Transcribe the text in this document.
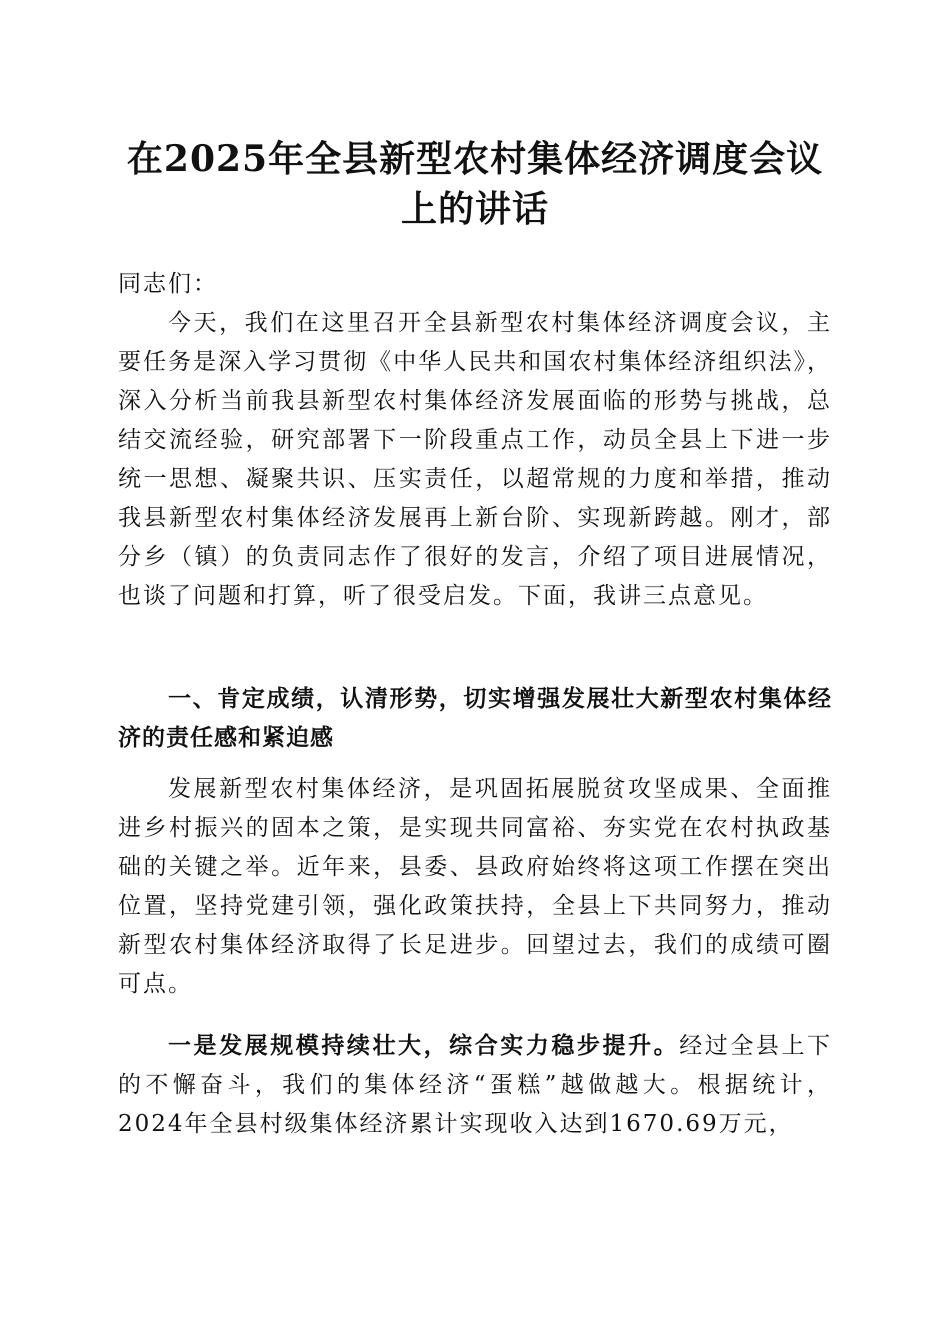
在2025年全县新型农村集体经济调度会议上的讲话

同志们：

今天，我们在这里召开全县新型农村集体经济调度会议，主要任务是深入学习贯彻《中华人民共和国农村集体经济组织法》，深入分析当前我县新型农村集体经济发展面临的形势与挑战，总结交流经验，研究部署下一阶段重点工作，动员全县上下进一步统一思想、凝聚共识、压实责任，以超常规的力度和举措，推动我县新型农村集体经济发展再上新台阶、实现新跨越。刚才，部分乡（镇）的负责同志作了很好的发言，介绍了项目进展情况，也谈了问题和打算，听了很受启发。下面，我讲三点意见。

一、肯定成绩，认清形势，切实增强发展壮大新型农村集体经济的责任感和紧迫感

发展新型农村集体经济，是巩固拓展脱贫攻坚成果、全面推进乡村振兴的固本之策，是实现共同富裕、夯实党在农村执政基础的关键之举。近年来，县委、县政府始终将这项工作摆在突出位置，坚持党建引领，强化政策扶持，全县上下共同努力，推动新型农村集体经济取得了长足进步。回望过去，我们的成绩可圈可点。

一是发展规模持续壮大，综合实力稳步提升。经过全县上下的不懈奋斗，我们的集体经济“蛋糕”越做越大。根据统计，2024年全县村级集体经济累计实现收入达到1670.69万元，
